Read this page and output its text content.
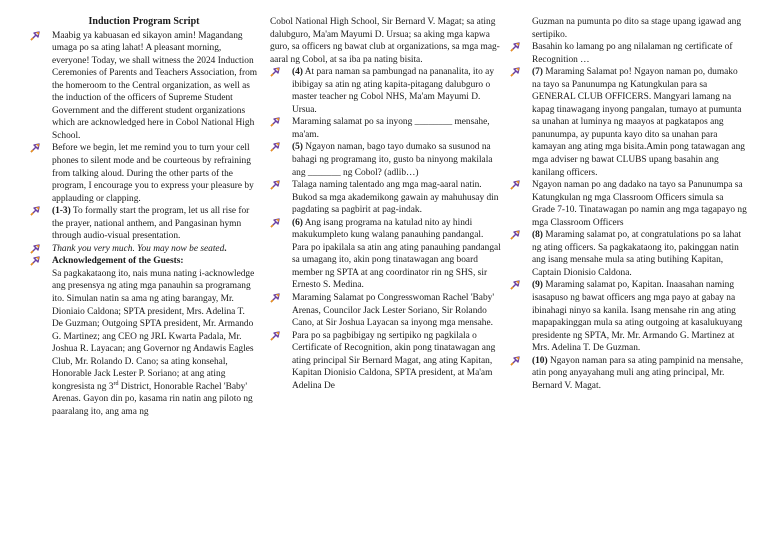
Induction Program Script
Maabig ya kabuasan ed sikayon amin! Magandang umaga po sa ating lahat! A pleasant morning, everyone! Today, we shall witness the 2024 Induction Ceremonies of Parents and Teachers Association, from the homeroom to the Central organization, as well as the induction of the officers of Supreme Student Government and the different student organizations which are acknowledged here in Cobol National High School.
Before we begin, let me remind you to turn your cell phones to silent mode and be courteous by refraining from talking aloud. During the other parts of the program, I encourage you to express your pleasure by applauding or clapping.
(1-3) To formally start the program, let us all rise for the prayer, national anthem, and Pangasinan hymn through audio-visual presentation.
Thank you very much. You may now be seated.
Acknowledgement of the Guests:
Sa pagkakataong ito, nais muna nating i-acknowledge ang presensya ng ating mga panauhin sa programang ito. Simulan natin sa ama ng ating barangay, Mr. Dioniaio Caldona; SPTA president, Mrs. Adelina T. De Guzman; Outgoing SPTA president, Mr. Armando G. Martinez; ang CEO ng JRL Kwarta Padala, Mr. Joshua R. Layacan; ang Governor ng Andawis Eagles Club, Mr. Rolando D. Cano; sa ating konsehal, Honorable Jack Lester P. Soriano; at ang ating kongresista ng 3rd District, Honorable Rachel 'Baby' Arenas. Gayon din po, kasama rin natin ang piloto ng paaralang ito, ang ama ng
Cobol National High School, Sir Bernard V. Magat; sa ating dalubguro, Ma'am Mayumi D. Ursua; sa aking mga kapwa guro, sa officers ng bawat club at organizations, sa mga mag-aaral ng Cobol, at sa iba pa nating bisita.
(4) At para naman sa pambungad na pananalita, ito ay ibibigay sa atin ng ating kapita-pitagang dalubguro o master teacher ng Cobol NHS, Ma'am Mayumi D. Ursua.
Maraming salamat po sa inyong ________ mensahe, ma'am.
(5) Ngayon naman, bago tayo dumako sa susunod na bahagi ng programang ito, gusto ba ninyong makilala ang _______ ng Cobol? (adlib…)
Talaga naming talentado ang mga mag-aaral natin. Bukod sa mga akademikong gawain ay mahuhusay din pagdating sa pagbirit at pag-indak.
(6) Ang isang programa na katulad nito ay hindi makukumpleto kung walang panauhing pandangal. Para po ipakilala sa atin ang ating panauhing pandangal sa umagang ito, akin pong tinatawagan ang board member ng SPTA at ang coordinator rin ng SHS, sir Ernesto S. Medina.
Maraming Salamat po Congresswoman Rachel 'Baby' Arenas, Councilor Jack Lester Soriano, Sir Rolando Cano, at Sir Joshua Layacan sa inyong mga mensahe.
Para po sa pagbibigay ng sertipiko ng pagkilala o Certificate of Recognition, akin pong tinatawagan ang ating principal Sir Bernard Magat, ang ating Kapitan, Kapitan Dionisio Caldona, SPTA president, at Ma'am Adelina De
Guzman na pumunta po dito sa stage upang igawad ang sertipiko.
Basahin ko lamang po ang nilalaman ng certificate of Recognition …
(7) Maraming Salamat po! Ngayon naman po, dumako na tayo sa Panunumpa ng Katungkulan para sa GENERAL CLUB OFFICERS. Mangyari lamang na kapag tinawagang inyong pangalan, tumayo at pumunta sa unahan at luminya ng maayos at pagkatapos ang panunumpa, ay pupunta kayo dito sa unahan para kamayan ang ating mga bisita.Amin pong tatawagan ang mga adviser ng bawat CLUBS upang basahin ang kanilang officers.
Ngayon naman po ang dadako na tayo sa Panunumpa sa Katungkulan ng mga Classroom Officers simula sa Grade 7-10. Tinatawagan po namin ang mga tagapayo ng mga Classroom Officers
(8) Maraming salamat po, at congratulations po sa lahat ng ating officers. Sa pagkakataong ito, pakinggan natin ang isang mensahe mula sa ating butihing Kapitan, Captain Dionisio Caldona.
(9) Maraming salamat po, Kapitan. Inaasahan naming isasapuso ng bawat officers ang mga payo at gabay na ibinahagi ninyo sa kanila. Isang mensahe rin ang ating mapapakinggan mula sa ating outgoing at kasalukuyang presidente ng SPTA, Mr. Mr. Armando G. Martinez at Mrs. Adelina T. De Guzman.
(10) Ngayon naman para sa ating pampinid na mensahe, atin pong anyayahang muli ang ating principal, Mr. Bernard V. Magat.
